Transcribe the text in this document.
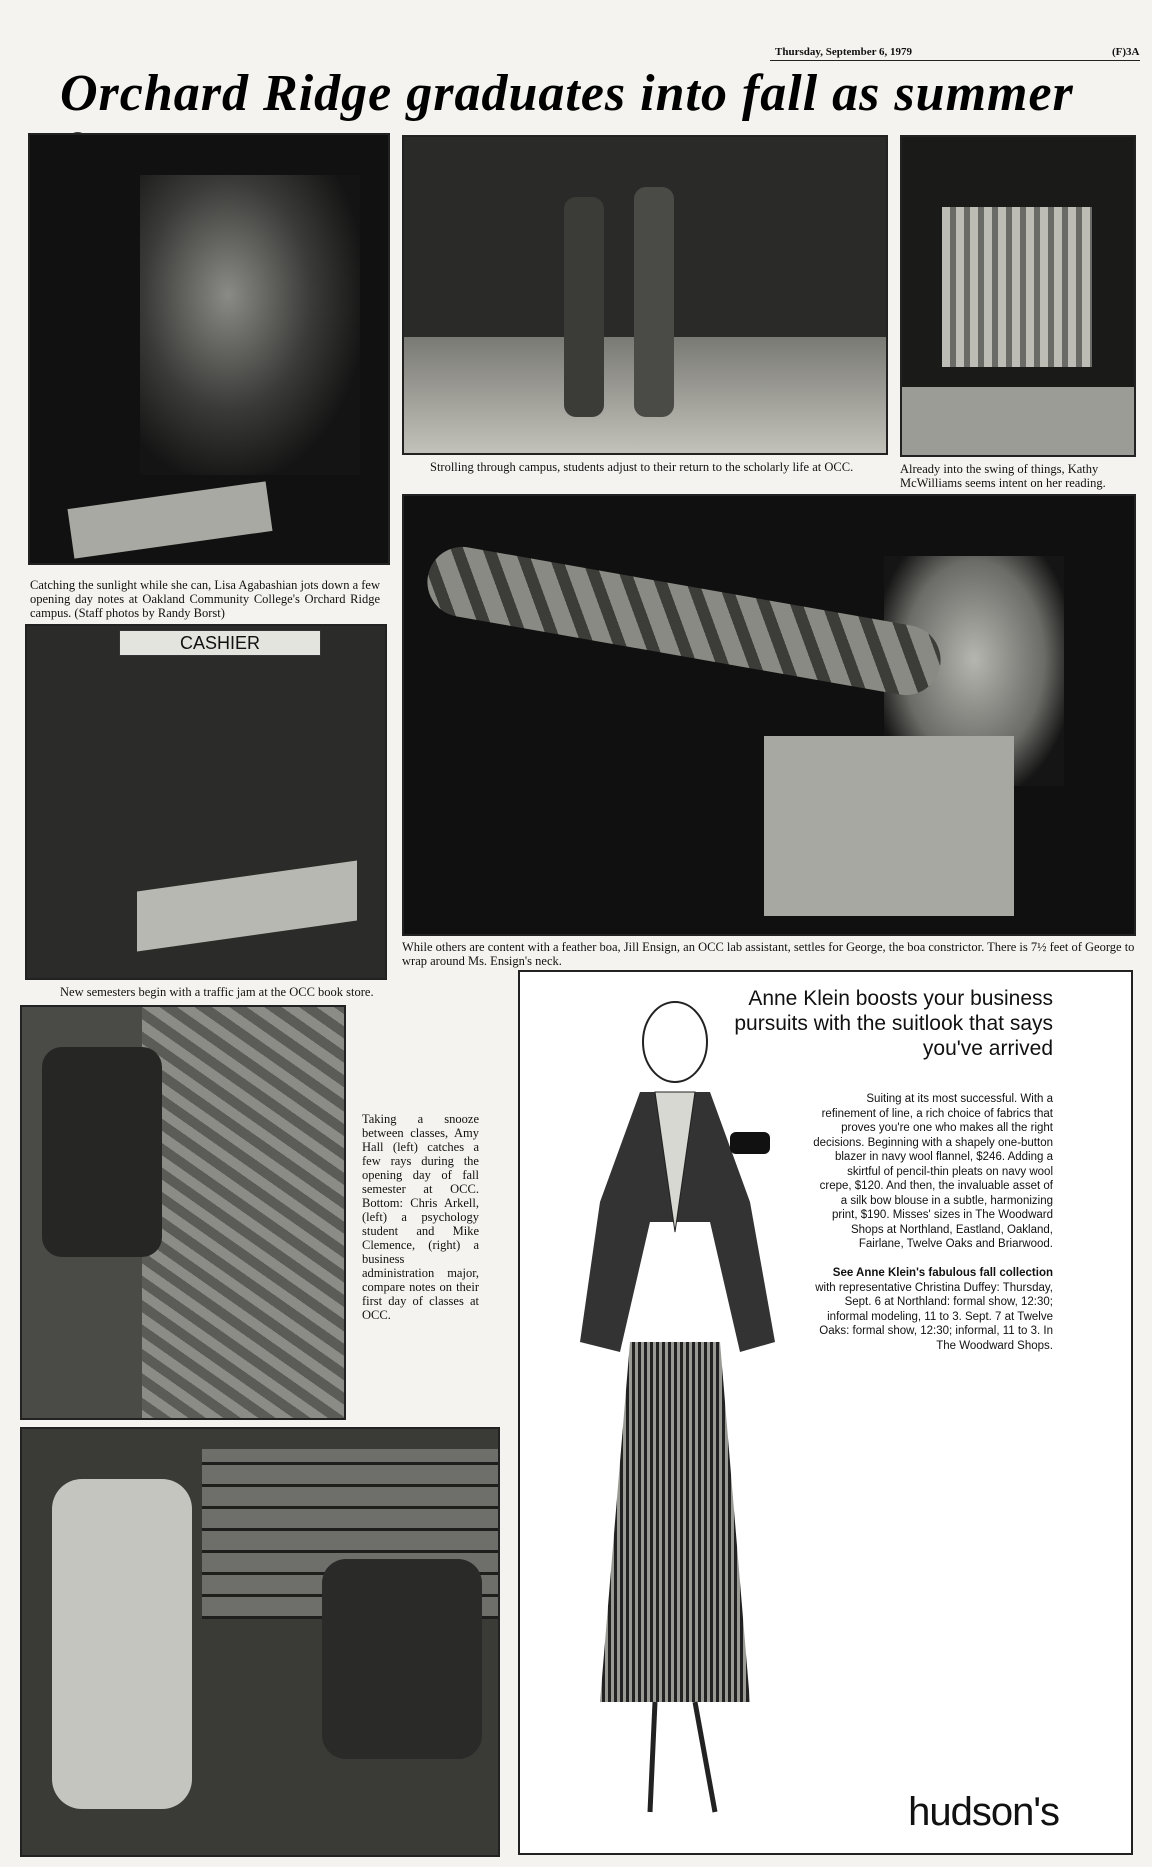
Thursday, September 6, 1979	(F)3A
Orchard Ridge graduates into fall as summer
Catching the sunlight while she can, Lisa Agabashian jots down a few opening day notes at Oakland Community College's Orchard Ridge campus. (Staff photos by Randy Borst)
Strolling through campus, students adjust to their return to the scholarly life at OCC.	Already into the swing of things, Kathy McWilliams seems intent on her reading.
CASHIER
New semesters begin with a traffic jam at the OCC book store.
While others are content with a feather boa, Jill Ensign, an OCC lab assistant, settles for George, the boa constrictor. There is 7½ feet of George to wrap around Ms. Ensign's neck.
Taking a snooze between classes, Amy Hall (left) catches a few rays during the opening day of fall semester at OCC. Bottom: Chris Arkell, (left) a psychology student and Mike Clemence, (right) a business administration major, compare notes on their first day of classes at OCC.
Anne Klein boosts your business pursuits with the suitlook that says you've arrived
Suiting at its most successful. With a refinement of line, a rich choice of fabrics that proves you're one who makes all the right decisions. Beginning with a shapely one-button blazer in navy wool flannel, $246. Adding a skirtful of pencil-thin pleats on navy wool crepe, $120. And then, the invaluable asset of a silk bow blouse in a subtle, harmonizing print, $190. Misses' sizes in The Woodward Shops at Northland, Eastland, Oakland, Fairlane, Twelve Oaks and Briarwood.

See Anne Klein's fabulous fall collection with representative Christina Duffey: Thursday, Sept. 6 at Northland: formal show, 12:30; informal modeling, 11 to 3. Sept. 7 at Twelve Oaks: formal show, 12:30; informal, 11 to 3. In The Woodward Shops.
hudson's
